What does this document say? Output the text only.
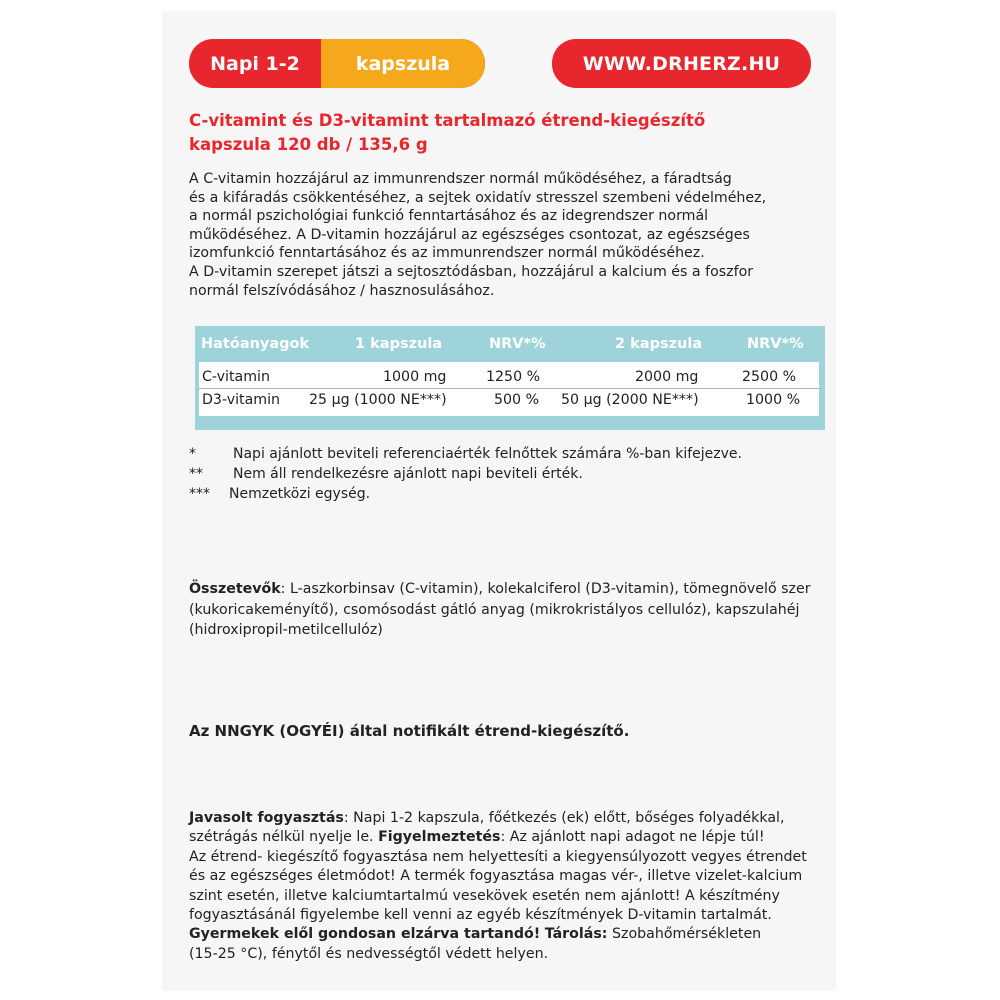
Napi 1-2	kapszula	WWW.DRHERZ.HU
C-vitamint és D3-vitamint tartalmazó étrend-kiegészítő
kapszula 120 db / 135,6 g
A C-vitamin hozzájárul az immunrendszer normál működéséhez, a fáradtság
és a kifáradás csökkentéséhez, a sejtek oxidatív stresszel szembeni védelméhez,
a normál pszichológiai funkció fenntartásához és az idegrendszer normál
működéséhez. A D-vitamin hozzájárul az egészséges csontozat, az egészséges
izomfunkció fenntartásához és az immunrendszer normál működéséhez.
A D-vitamin szerepet játszi a sejtosztódásban, hozzájárul a kalcium és a foszfor
normál felszívódásához / hasznosulásához.
Hatóanyagok	1 kapszula	NRV*%	2 kapszula	NRV*%
C-vitamin	1000 mg	1250 %	2000 mg	2500 %
D3-vitamin 25 µg (1000 NE***)	500 % 50 µg (2000 NE***)	1000 %
*	Napi ajánlott beviteli referenciaérték felnőttek számára %-ban kifejezve.
** Nem áll rendelkezésre ajánlott napi beviteli érték.
*** Nemzetközi egység.
Összetevők: L-aszkorbinsav (C-vitamin), kolekalciferol (D3-vitamin), tömegnövelő szer
(kukoricakeményítő), csomósodást gátló anyag (mikrokristályos cellulóz), kapszulahéj
(hidroxipropil-metilcellulóz)
Az NNGYK (OGYÉI) által notifikált étrend-kiegészítő.
Javasolt fogyasztás: Napi 1-2 kapszula, főétkezés (ek) előtt, bőséges folyadékkal,
szétrágás nélkül nyelje le. Figyelmeztetés: Az ajánlott napi adagot ne lépje túl!
Az étrend- kiegészítő fogyasztása nem helyettesíti a kiegyensúlyozott vegyes étrendet
és az egészséges életmódot! A termék fogyasztása magas vér-, illetve vizelet-kalcium
szint esetén, illetve kalciumtartalmú vesekövek esetén nem ajánlott! A készítmény
fogyasztásánál figyelembe kell venni az egyéb készítmények D-vitamin tartalmát.
Gyermekek elől gondosan elzárva tartandó! Tárolás: Szobahőmérsékleten
(15-25 °C), fénytől és nedvességtől védett helyen.
